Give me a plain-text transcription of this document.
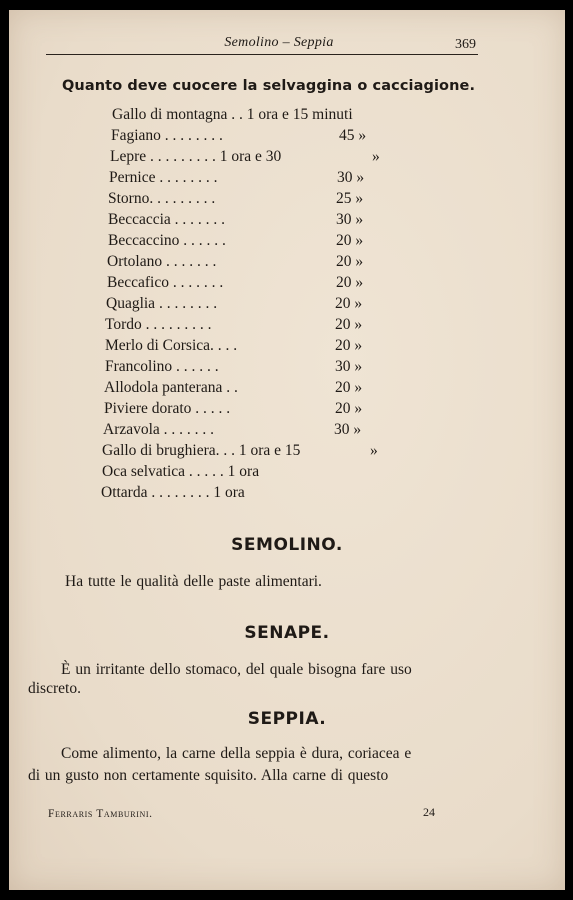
Semolino – Seppia	369
Quanto deve cuocere la selvaggina o cacciagione.
Gallo di montagna . . 1 ora e 15 minuti
Fagiano . . . . . . . .	45 »
Lepre . . . . . . . . . 1 ora e 30	»
Pernice . . . . . . . .	30 »
Storno. . . . . . . . .	25 »
Beccaccia . . . . . . .	30 »
Beccaccino . . . . . .	20 »
Ortolano . . . . . . .	20 »
Beccafico . . . . . . .	20 »
Quaglia . . . . . . . .	20 »
Tordo . . . . . . . . .	20 »
Merlo di Corsica. . . .	20 »
Francolino . . . . . .	30 »
Allodola panterana . .	20 »
Piviere dorato . . . . .	20 »
Arzavola . . . . . . .	30 »
Gallo di brughiera. . . 1 ora e 15	»
Oca selvatica . . . . . 1 ora
Ottarda . . . . . . . . 1 ora
SEMOLINO.
Ha tutte le qualità delle paste alimentari.
SENAPE.
È un irritante dello stomaco, del quale bisogna fare uso
discreto.
SEPPIA.
Come alimento, la carne della seppia è dura, coriacea e
di un gusto non certamente squisito. Alla carne di questo
Ferraris Tamburini.	24
